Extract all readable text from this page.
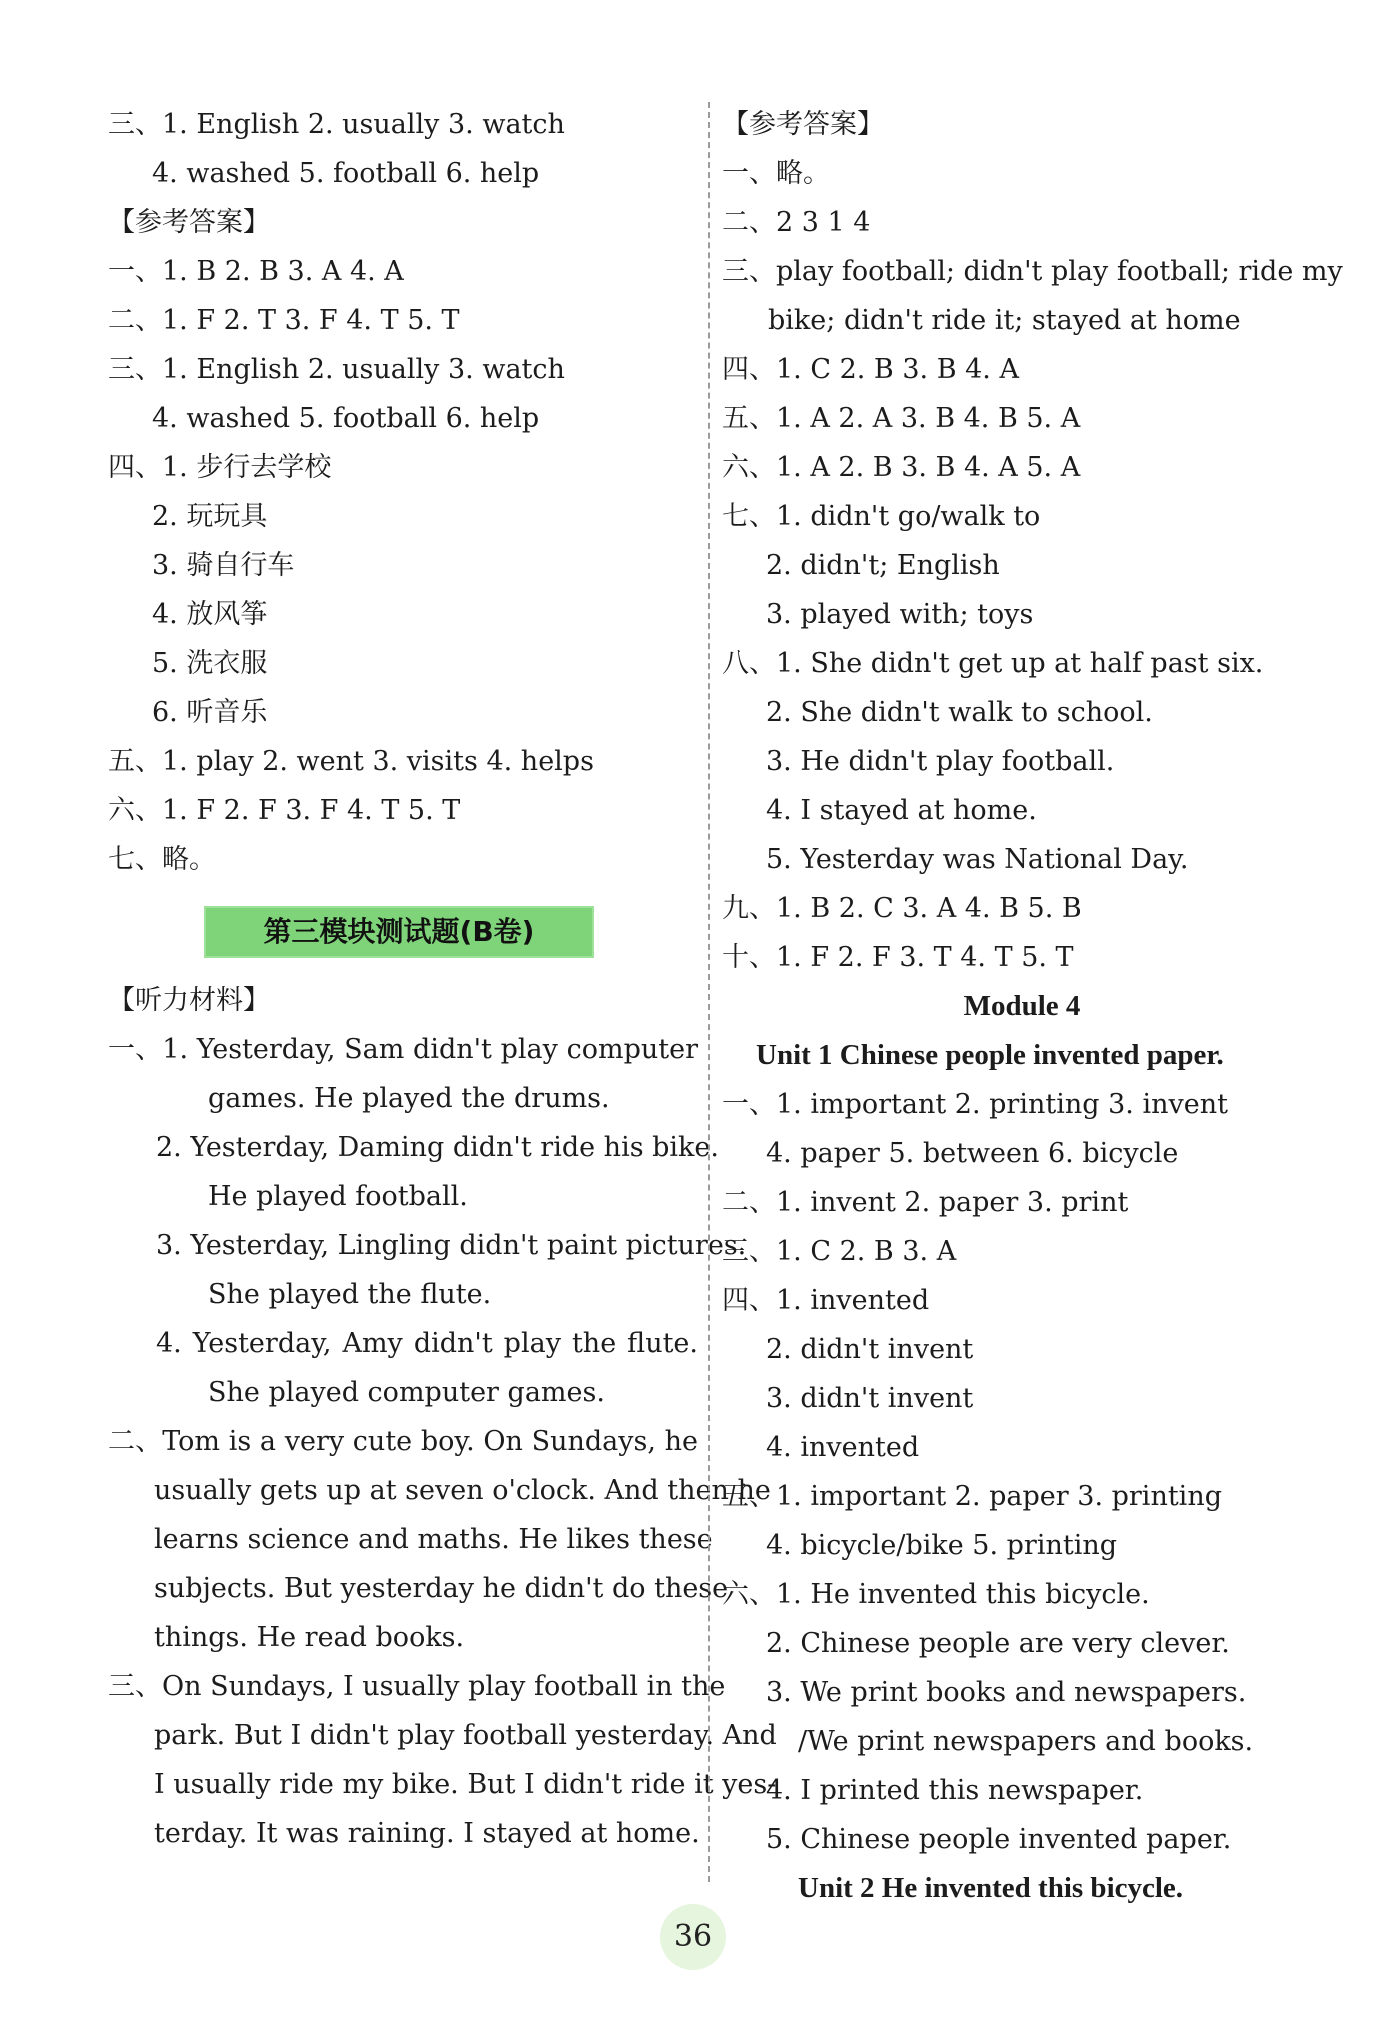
三、1. English 2. usually 3. watch
4. washed 5. football 6. help
【参考答案】
一、1. B 2. B 3. A 4. A
二、1. F 2. T 3. F 4. T 5. T
三、1. English 2. usually 3. watch
4. washed 5. football 6. help
四、1. 步行去学校
2. 玩玩具
3. 骑自行车
4. 放风筝
5. 洗衣服
6. 听音乐
五、1. play 2. went 3. visits 4. helps
六、1. F 2. F 3. F 4. T 5. T
七、略。
第三模块测试题(B卷)
【听力材料】
一、1. Yesterday, Sam didn't play computer
games. He played the drums.
2. Yesterday, Daming didn't ride his bike.
He played football.
3. Yesterday, Lingling didn't paint pictures.
She played the flute.
4. Yesterday, Amy didn't play the flute.
She played computer games.
二、Tom is a very cute boy. On Sundays, he
usually gets up at seven o'clock. And then he
learns science and maths. He likes these
subjects. But yesterday he didn't do these
things. He read books.
三、On Sundays, I usually play football in the
park. But I didn't play football yesterday. And
I usually ride my bike. But I didn't ride it yes-
terday. It was raining. I stayed at home.
【参考答案】
一、略。
二、2 3 1 4
三、play football; didn't play football; ride my
bike; didn't ride it; stayed at home
四、1. C 2. B 3. B 4. A
五、1. A 2. A 3. B 4. B 5. A
六、1. A 2. B 3. B 4. A 5. A
七、1. didn't go/walk to
2. didn't; English
3. played with; toys
八、1. She didn't get up at half past six.
2. She didn't walk to school.
3. He didn't play football.
4. I stayed at home.
5. Yesterday was National Day.
九、1. B 2. C 3. A 4. B 5. B
十、1. F 2. F 3. T 4. T 5. T
Module 4
Unit 1 Chinese people invented paper.
一、1. important 2. printing 3. invent
4. paper 5. between 6. bicycle
二、1. invent 2. paper 3. print
三、1. C 2. B 3. A
四、1. invented
2. didn't invent
3. didn't invent
4. invented
五、1. important 2. paper 3. printing
4. bicycle/bike 5. printing
六、1. He invented this bicycle.
2. Chinese people are very clever.
3. We print books and newspapers.
/We print newspapers and books.
4. I printed this newspaper.
5. Chinese people invented paper.
Unit 2 He invented this bicycle.
36
